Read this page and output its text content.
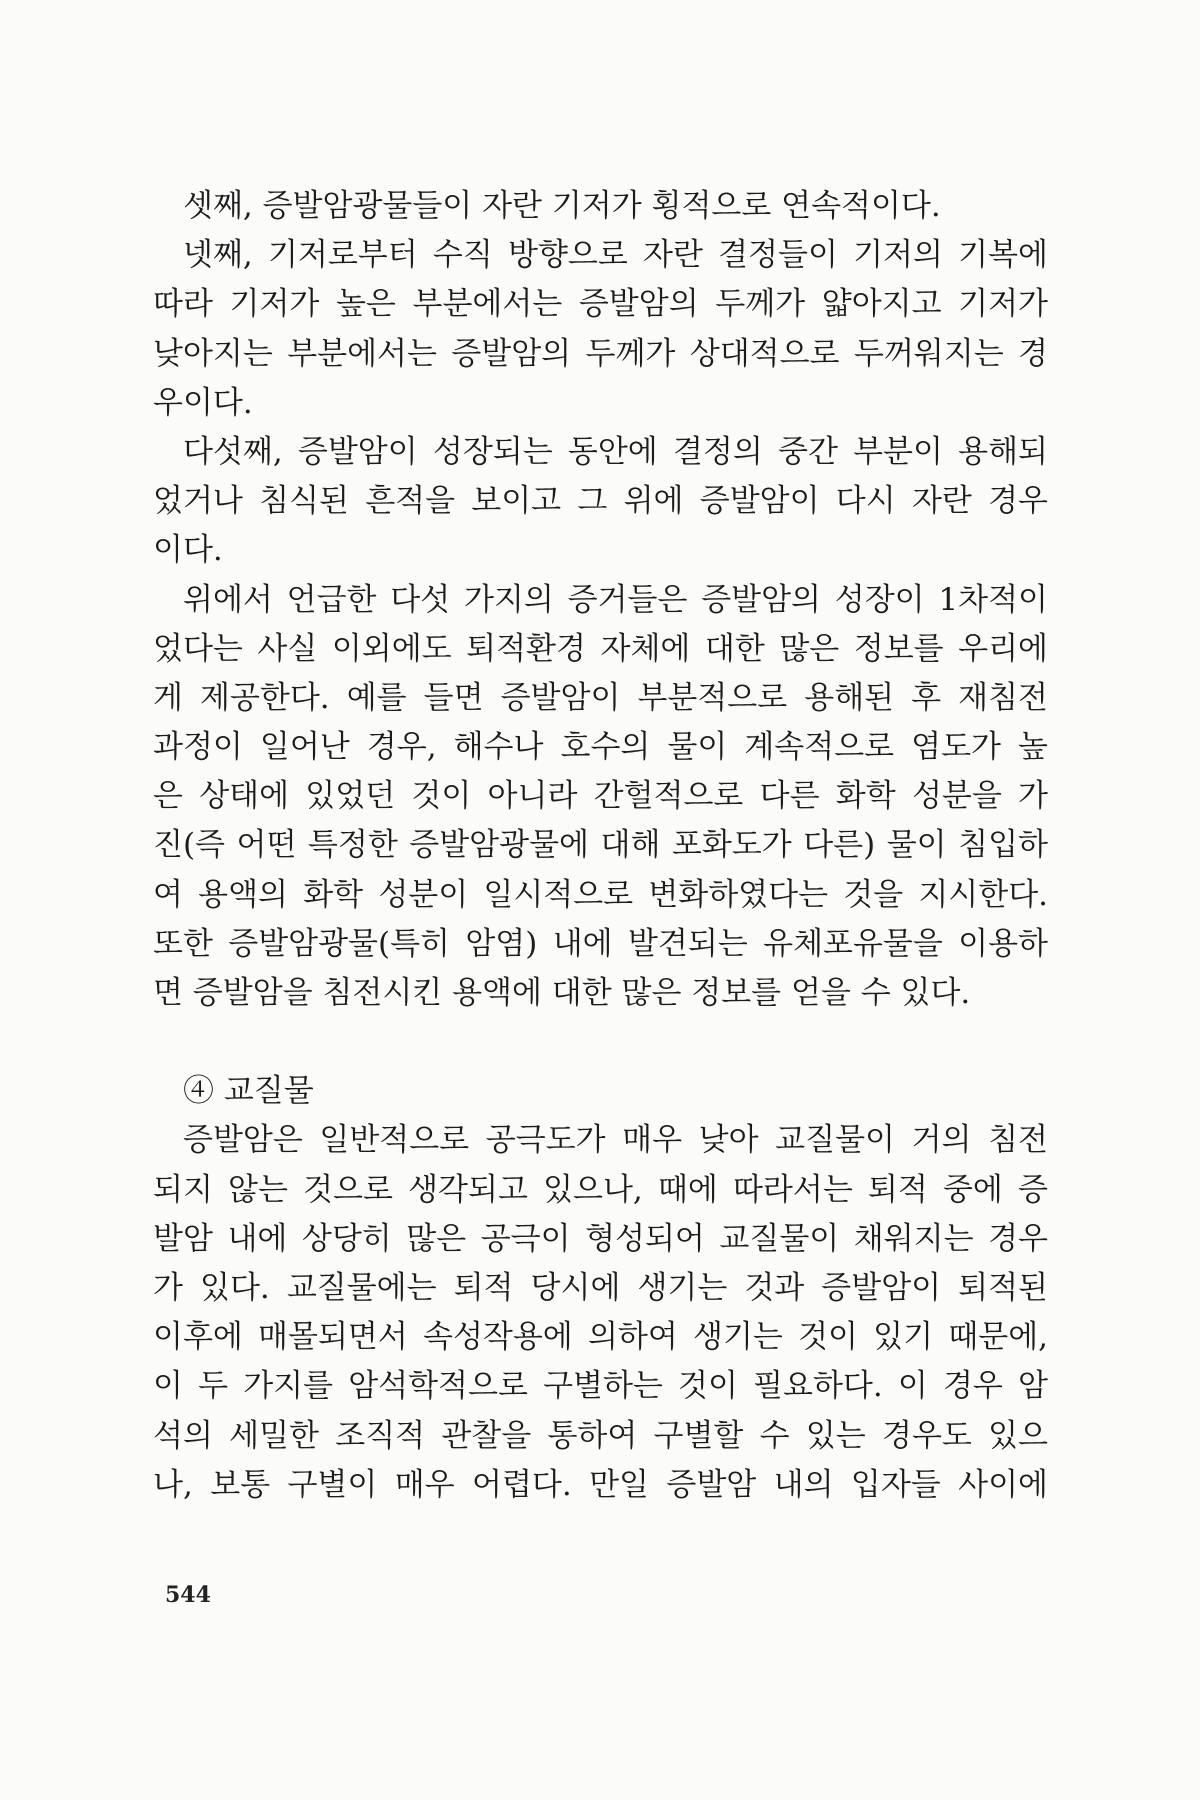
셋째, 증발암광물들이 자란 기저가 횡적으로 연속적이다.
넷째, 기저로부터 수직 방향으로 자란 결정들이 기저의 기복에
따라 기저가 높은 부분에서는 증발암의 두께가 얇아지고 기저가
낮아지는 부분에서는 증발암의 두께가 상대적으로 두꺼워지는 경
우이다.
다섯째, 증발암이 성장되는 동안에 결정의 중간 부분이 용해되
었거나 침식된 흔적을 보이고 그 위에 증발암이 다시 자란 경우
이다.
위에서 언급한 다섯 가지의 증거들은 증발암의 성장이 1차적이
었다는 사실 이외에도 퇴적환경 자체에 대한 많은 정보를 우리에
게 제공한다. 예를 들면 증발암이 부분적으로 용해된 후 재침전
과정이 일어난 경우, 해수나 호수의 물이 계속적으로 염도가 높
은 상태에 있었던 것이 아니라 간헐적으로 다른 화학 성분을 가
진(즉 어떤 특정한 증발암광물에 대해 포화도가 다른) 물이 침입하
여 용액의 화학 성분이 일시적으로 변화하였다는 것을 지시한다.
또한 증발암광물(특히 암염) 내에 발견되는 유체포유물을 이용하
면 증발암을 침전시킨 용액에 대한 많은 정보를 얻을 수 있다.
④ 교질물
증발암은 일반적으로 공극도가 매우 낮아 교질물이 거의 침전
되지 않는 것으로 생각되고 있으나, 때에 따라서는 퇴적 중에 증
발암 내에 상당히 많은 공극이 형성되어 교질물이 채워지는 경우
가 있다. 교질물에는 퇴적 당시에 생기는 것과 증발암이 퇴적된
이후에 매몰되면서 속성작용에 의하여 생기는 것이 있기 때문에,
이 두 가지를 암석학적으로 구별하는 것이 필요하다. 이 경우 암
석의 세밀한 조직적 관찰을 통하여 구별할 수 있는 경우도 있으
나, 보통 구별이 매우 어렵다. 만일 증발암 내의 입자들 사이에
544
